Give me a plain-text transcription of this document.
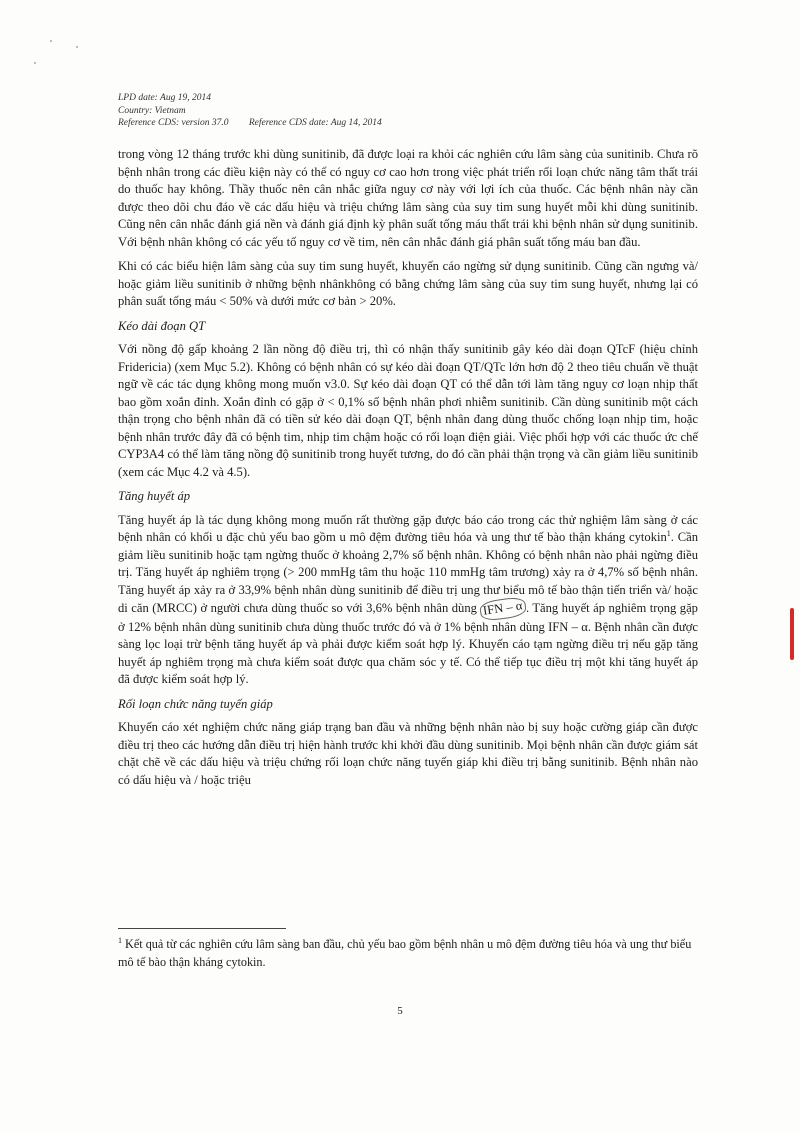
LPD date: Aug 19, 2014
Country: Vietnam
Reference CDS: version 37.0 Reference CDS date: Aug 14, 2014

trong vòng 12 tháng trước khi dùng sunitinib, đã được loại ra khỏi các nghiên cứu lâm sàng của sunitinib. Chưa rõ bệnh nhân trong các điều kiện này có thể có nguy cơ cao hơn trong việc phát triển rối loạn chức năng tâm thất trái do thuốc hay không. Thầy thuốc nên cân nhắc giữa nguy cơ này với lợi ích của thuốc. Các bệnh nhân này cần được theo dõi chu đáo về các dấu hiệu và triệu chứng lâm sàng của suy tim sung huyết mỗi khi dùng sunitinib. Cũng nên cân nhắc đánh giá nền và đánh giá định kỳ phân suất tống máu thất trái khi bệnh nhân sử dụng sunitinib. Với bệnh nhân không có các yếu tố nguy cơ về tim, nên cân nhắc đánh giá phân suất tống máu ban đầu.

Khi có các biểu hiện lâm sàng của suy tim sung huyết, khuyến cáo ngừng sử dụng sunitinib. Cũng cần ngưng và/ hoặc giảm liều sunitinib ở những bệnh nhânkhông có bằng chứng lâm sàng của suy tim sung huyết, nhưng lại có phân suất tống máu < 50% và dưới mức cơ bản > 20%.

Kéo dài đoạn QT

Với nồng độ gấp khoảng 2 lần nồng độ điều trị, thì có nhận thấy sunitinib gây kéo dài đoạn QTcF (hiệu chỉnh Fridericia) (xem Mục 5.2). Không có bệnh nhân có sự kéo dài đoạn QT/QTc lớn hơn độ 2 theo tiêu chuẩn về thuật ngữ về các tác dụng không mong muốn v3.0. Sự kéo dài đoạn QT có thể dẫn tới làm tăng nguy cơ loạn nhịp thất bao gồm xoắn đỉnh. Xoắn đỉnh có gặp ở < 0,1% số bệnh nhân phơi nhiễm sunitinib. Cần dùng sunitinib một cách thận trọng cho bệnh nhân đã có tiền sử kéo dài đoạn QT, bệnh nhân đang dùng thuốc chống loạn nhịp tim, hoặc bệnh nhân trước đây đã có bệnh tim, nhịp tim chậm hoặc có rối loạn điện giải. Việc phối hợp với các thuốc ức chế CYP3A4 có thể làm tăng nồng độ sunitinib trong huyết tương, do đó cần phải thận trọng và cần giảm liều sunitinib (xem các Mục 4.2 và 4.5).

Tăng huyết áp

Tăng huyết áp là tác dụng không mong muốn rất thường gặp được báo cáo trong các thử nghiệm lâm sàng ở các bệnh nhân có khối u đặc chủ yếu bao gồm u mô đệm đường tiêu hóa và ung thư tế bào thận kháng cytokin$^1$. Cần giảm liều sunitinib hoặc tạm ngừng thuốc ở khoảng 2,7% số bệnh nhân. Không có bệnh nhân nào phải ngừng điều trị. Tăng huyết áp nghiêm trọng (> 200 mmHg tâm thu hoặc 110 mmHg tâm trương) xảy ra ở 4,7% số bệnh nhân. Tăng huyết áp xảy ra ở 33,9% bệnh nhân dùng sunitinib để điều trị ung thư biểu mô tế bào thận tiến triển và/ hoặc di căn (MRCC) ở người chưa dùng thuốc so với 3,6% bệnh nhân dùng IFN – α . Tăng huyết áp nghiêm trọng gặp ở 12% bệnh nhân dùng sunitinib chưa dùng thuốc trước đó và ở 1% bệnh nhân dùng IFN – α. Bệnh nhân cần được sàng lọc loại trừ bệnh tăng huyết áp và phải được kiểm soát hợp lý. Khuyến cáo tạm ngừng điều trị nếu gặp tăng huyết áp nghiêm trọng mà chưa kiểm soát được qua chăm sóc y tế. Có thể tiếp tục điều trị một khi tăng huyết áp đã được kiểm soát hợp lý.

Rối loạn chức năng tuyến giáp

Khuyến cáo xét nghiệm chức năng giáp trạng ban đầu và những bệnh nhân nào bị suy hoặc cường giáp cần được điều trị theo các hướng dẫn điều trị hiện hành trước khi khởi đầu dùng sunitinib. Mọi bệnh nhân cần được giám sát chặt chẽ về các dấu hiệu và triệu chứng rối loạn chức năng tuyến giáp khi điều trị bằng sunitinib. Bệnh nhân nào có dấu hiệu và / hoặc triệu

$^1$ Kết quả từ các nghiên cứu lâm sàng ban đầu, chủ yếu bao gồm bệnh nhân u mô đệm đường tiêu hóa và ung thư biểu mô tế bào thận kháng cytokin.
5
